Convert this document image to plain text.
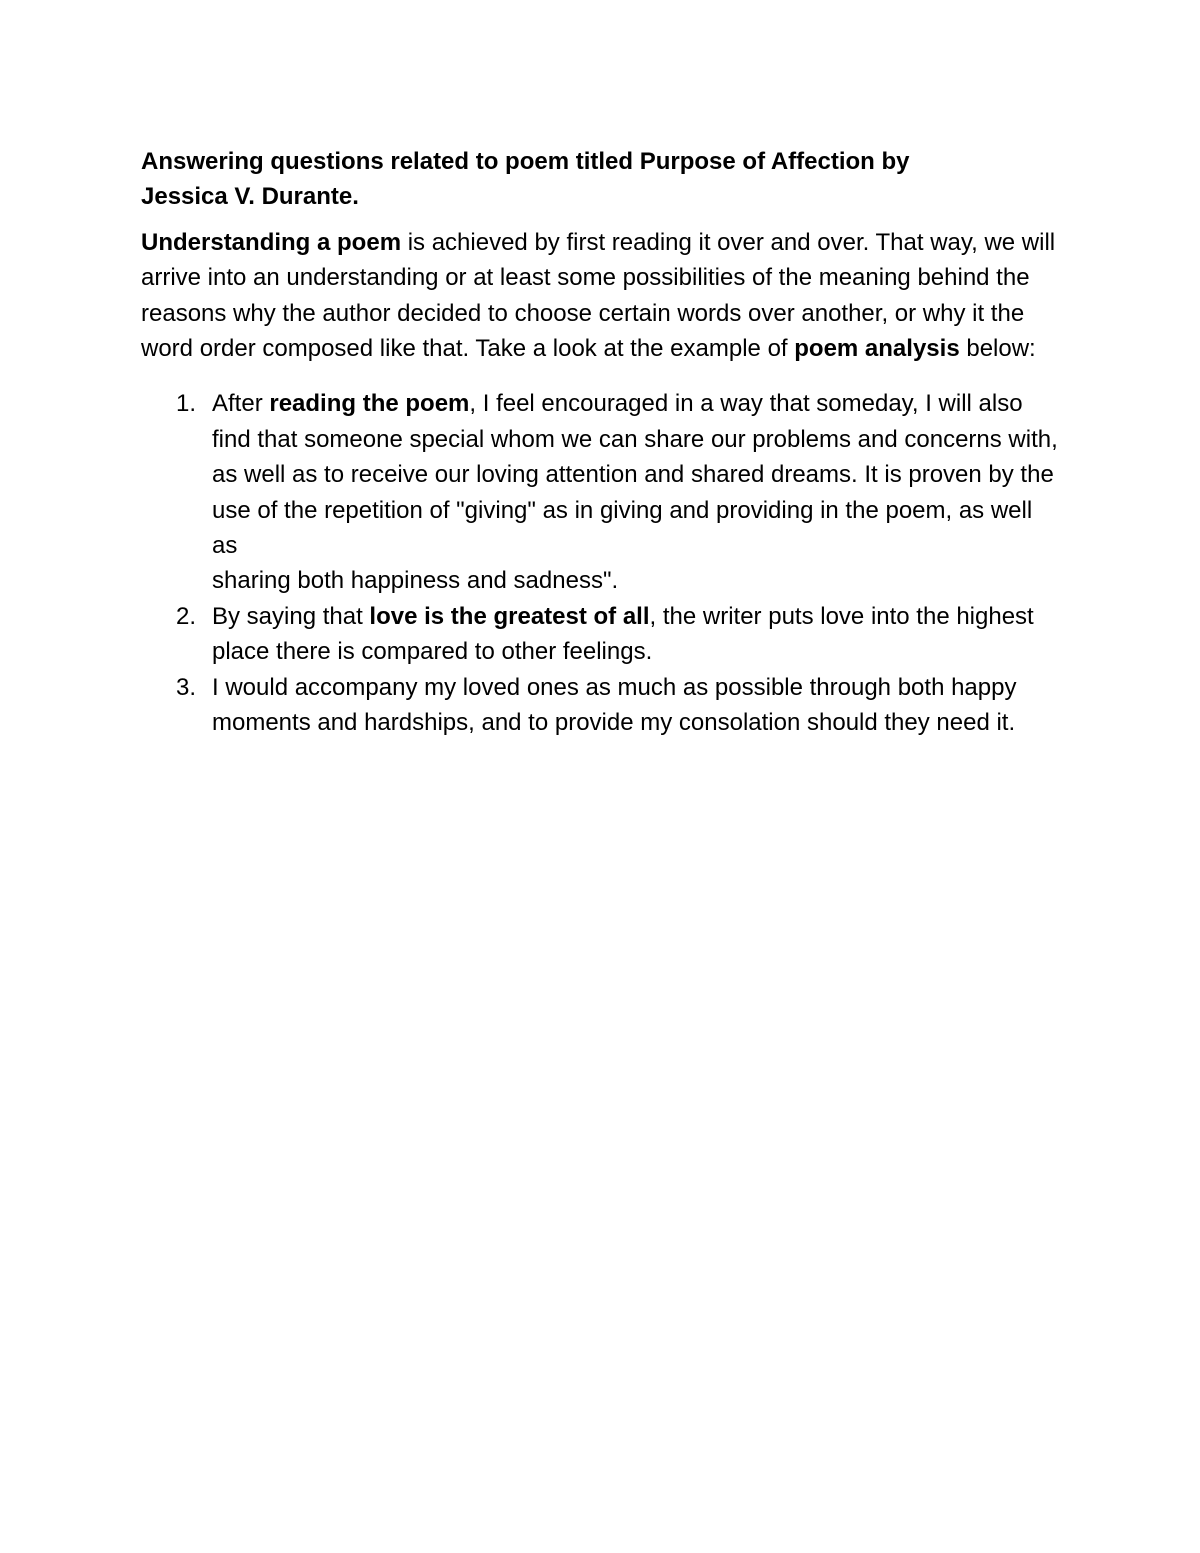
Answering questions related to poem titled Purpose of Affection by
Jessica V. Durante.

Understanding a poem is achieved by first reading it over and over. That way, we will arrive into an understanding or at least some possibilities of the meaning behind the reasons why the author decided to choose certain words over another, or why it the word order composed like that. Take a look at the example of poem analysis below:

1. After reading the poem, I feel encouraged in a way that someday, I will also find that someone special whom we can share our problems and concerns with, as well as to receive our loving attention and shared dreams. It is proven by the use of the repetition of "giving" as in giving and providing in the poem, as well as
sharing both happiness and sadness".
2. By saying that love is the greatest of all, the writer puts love into the highest place there is compared to other feelings.
3. I would accompany my loved ones as much as possible through both happy moments and hardships, and to provide my consolation should they need it.
